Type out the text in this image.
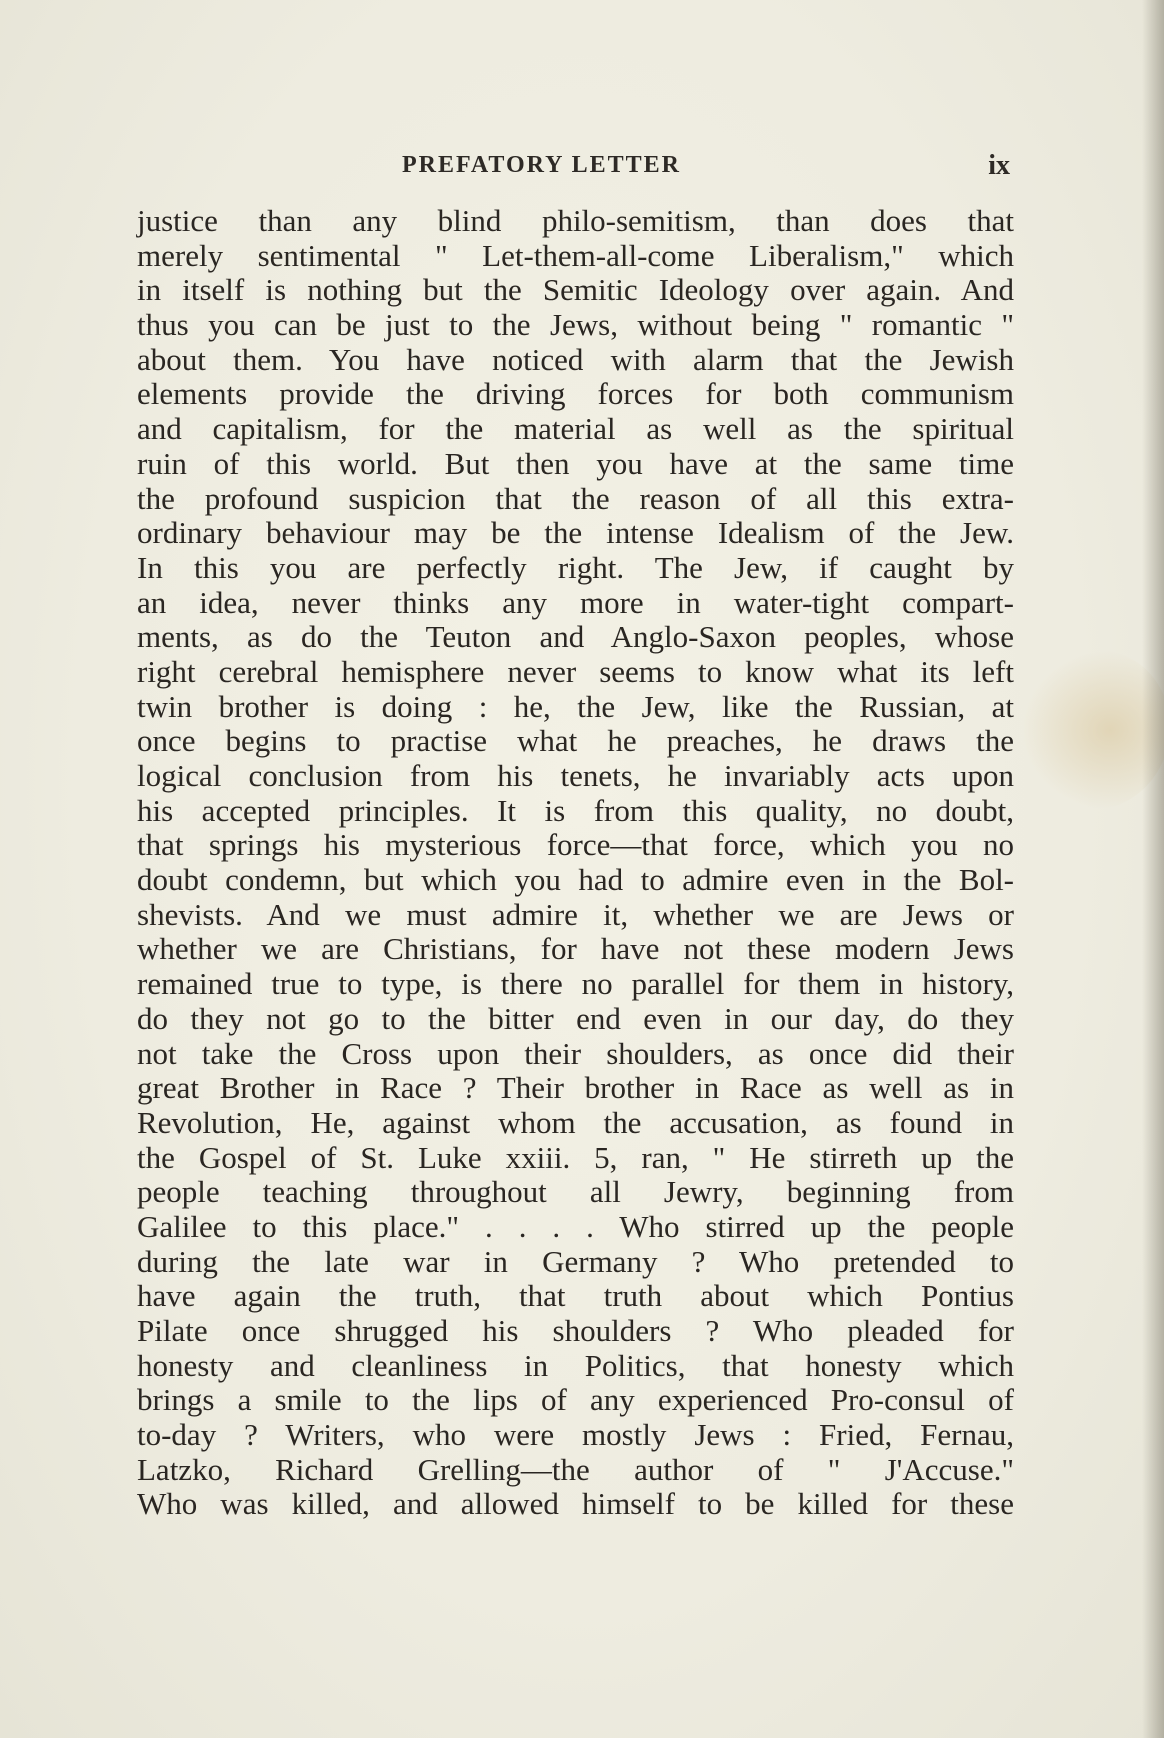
PREFATORY LETTER	ix
justice than any blind philo-semitism, than does that
merely sentimental " Let-them-all-come Liberalism," which
in itself is nothing but the Semitic Ideology over again. And
thus you can be just to the Jews, without being " romantic "
about them. You have noticed with alarm that the Jewish
elements provide the driving forces for both communism
and capitalism, for the material as well as the spiritual
ruin of this world. But then you have at the same time
the profound suspicion that the reason of all this extra-
ordinary behaviour may be the intense Idealism of the Jew.
In this you are perfectly right. The Jew, if caught by
an idea, never thinks any more in water-tight compart-
ments, as do the Teuton and Anglo-Saxon peoples, whose
right cerebral hemisphere never seems to know what its left
twin brother is doing : he, the Jew, like the Russian, at
once begins to practise what he preaches, he draws the
logical conclusion from his tenets, he invariably acts upon
his accepted principles. It is from this quality, no doubt,
that springs his mysterious force—that force, which you no
doubt condemn, but which you had to admire even in the Bol-
shevists. And we must admire it, whether we are Jews or
whether we are Christians, for have not these modern Jews
remained true to type, is there no parallel for them in history,
do they not go to the bitter end even in our day, do they
not take the Cross upon their shoulders, as once did their
great Brother in Race ? Their brother in Race as well as in
Revolution, He, against whom the accusation, as found in
the Gospel of St. Luke xxiii. 5, ran, " He stirreth up the
people teaching throughout all Jewry, beginning from
Galilee to this place." . . . . Who stirred up the people
during the late war in Germany ? Who pretended to
have again the truth, that truth about which Pontius
Pilate once shrugged his shoulders ? Who pleaded for
honesty and cleanliness in Politics, that honesty which
brings a smile to the lips of any experienced Pro-consul of
to-day ? Writers, who were mostly Jews : Fried, Fernau,
Latzko, Richard Grelling—the author of " J'Accuse."
Who was killed, and allowed himself to be killed for these
